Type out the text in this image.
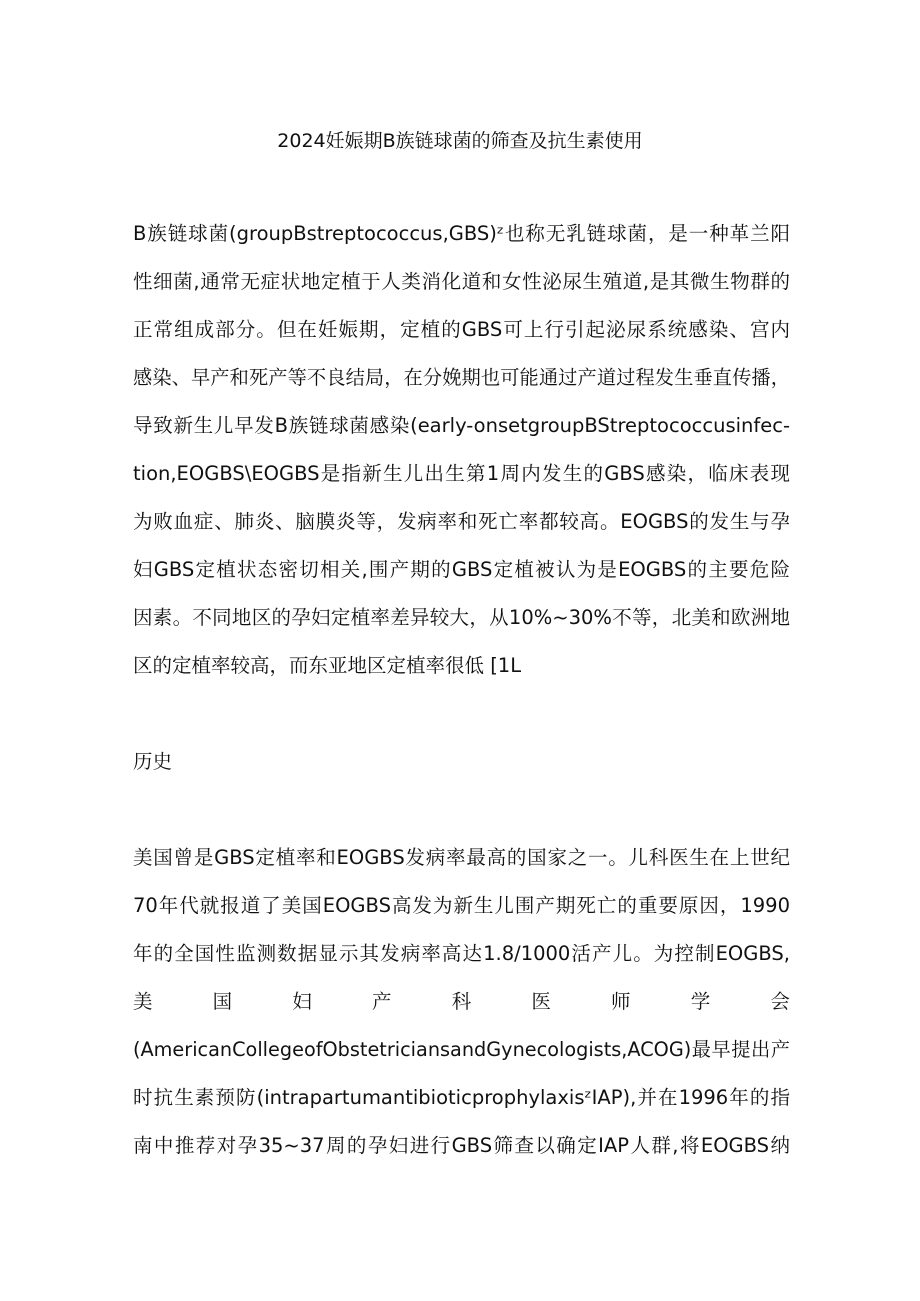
2024妊娠期B族链球菌的筛查及抗生素使用
B族链球菌(groupBstreptococcus,GBS)ᶻ也称无乳链球菌，是一种革兰阳
性细菌,通常无症状地定植于人类消化道和女性泌尿生殖道,是其微生物群的
正常组成部分。但在妊娠期，定植的GBS可上行引起泌尿系统感染、宫内
感染、早产和死产等不良结局，在分娩期也可能通过产道过程发生垂直传播，
导致新生儿早发B族链球菌感染(early-onsetgroupBStreptococcusinfec-
tion,EOGBS\EOGBS是指新生儿出生第1周内发生的GBS感染，临床表现
为败血症、肺炎、脑膜炎等，发病率和死亡率都较高。EOGBS的发生与孕
妇GBS定植状态密切相关,围产期的GBS定植被认为是EOGBS的主要危险
因素。不同地区的孕妇定植率差异较大，从10%~30%不等，北美和欧洲地
区的定植率较高，而东亚地区定植率很低 [1L
历史
美国曾是GBS定植率和EOGBS发病率最高的国家之一。儿科医生在上世纪
70年代就报道了美国EOGBS高发为新生儿围产期死亡的重要原因，1990
年的全国性监测数据显示其发病率高达1.8/1000活产儿。为控制EOGBS,
美	国	妇	产	科	医	师	学	会
(AmericanCollegeofObstetriciansandGynecologists,ACOG)最早提出产
时抗生素预防(intrapartumantibioticprophylaxisᶻIAP),并在1996年的指
南中推荐对孕35~37周的孕妇进行GBS筛查以确定IAP人群,将EOGBS纳
